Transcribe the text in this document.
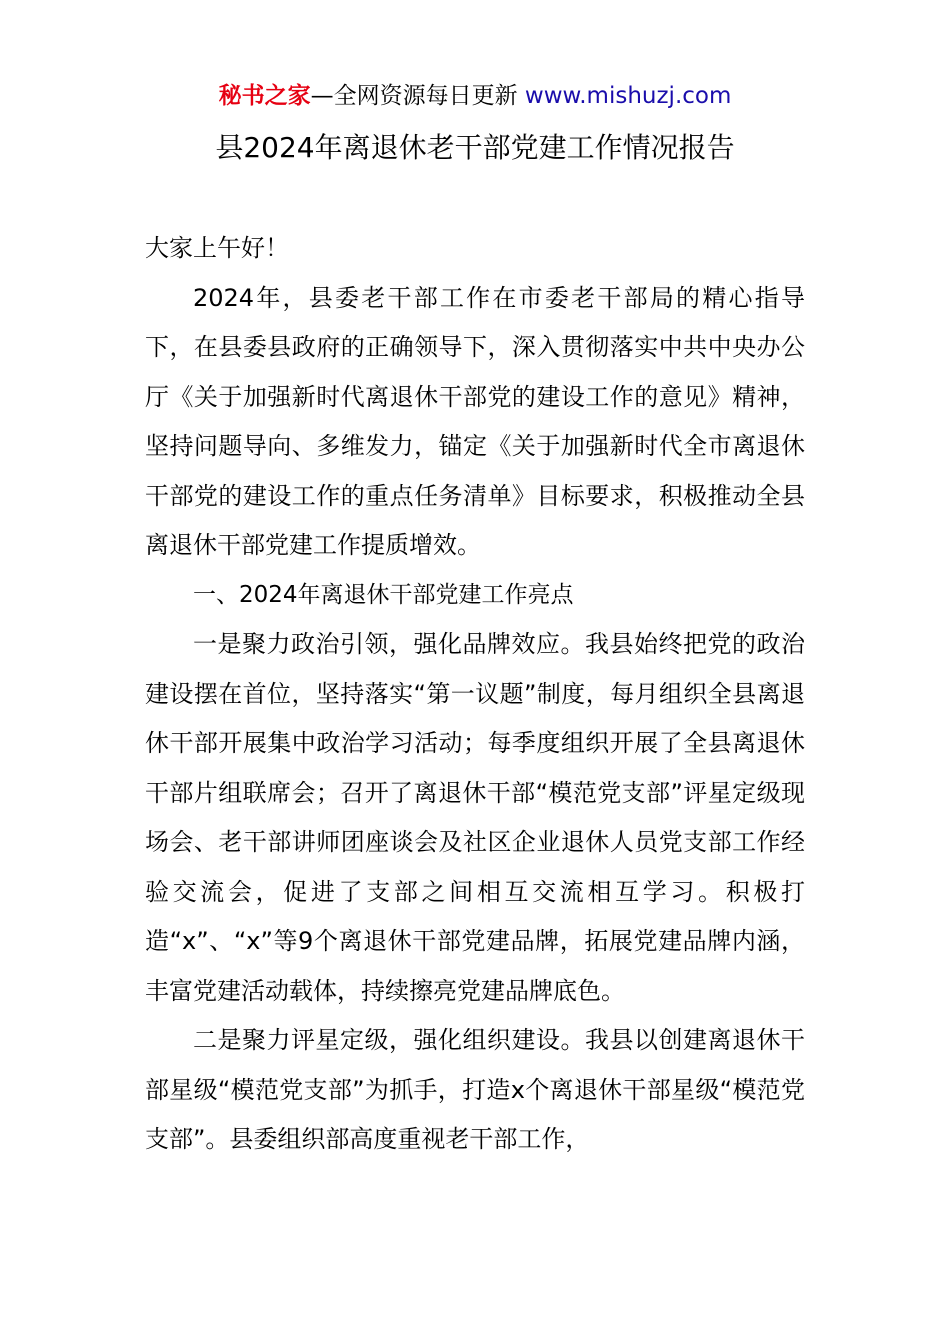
秘书之家—全网资源每日更新 www.mishuzj.com
县2024年离退休老干部党建工作情况报告

大家上午好！

2024年，县委老干部工作在市委老干部局的精心指导下，在县委县政府的正确领导下，深入贯彻落实中共中央办公厅《关于加强新时代离退休干部党的建设工作的意见》精神，坚持问题导向、多维发力，锚定《关于加强新时代全市离退休干部党的建设工作的重点任务清单》目标要求，积极推动全县离退休干部党建工作提质增效。

一、2024年离退休干部党建工作亮点

一是聚力政治引领，强化品牌效应。我县始终把党的政治建设摆在首位，坚持落实“第一议题”制度，每月组织全县离退休干部开展集中政治学习活动；每季度组织开展了全县离退休干部片组联席会；召开了离退休干部“模范党支部”评星定级现场会、老干部讲师团座谈会及社区企业退休人员党支部工作经验交流会，促进了支部之间相互交流相互学习。积极打造“x”、“x”等9个离退休干部党建品牌，拓展党建品牌内涵，丰富党建活动载体，持续擦亮党建品牌底色。

二是聚力评星定级，强化组织建设。我县以创建离退休干部星级“模范党支部”为抓手，打造x个离退休干部星级“模范党支部”。县委组织部高度重视老干部工作，
